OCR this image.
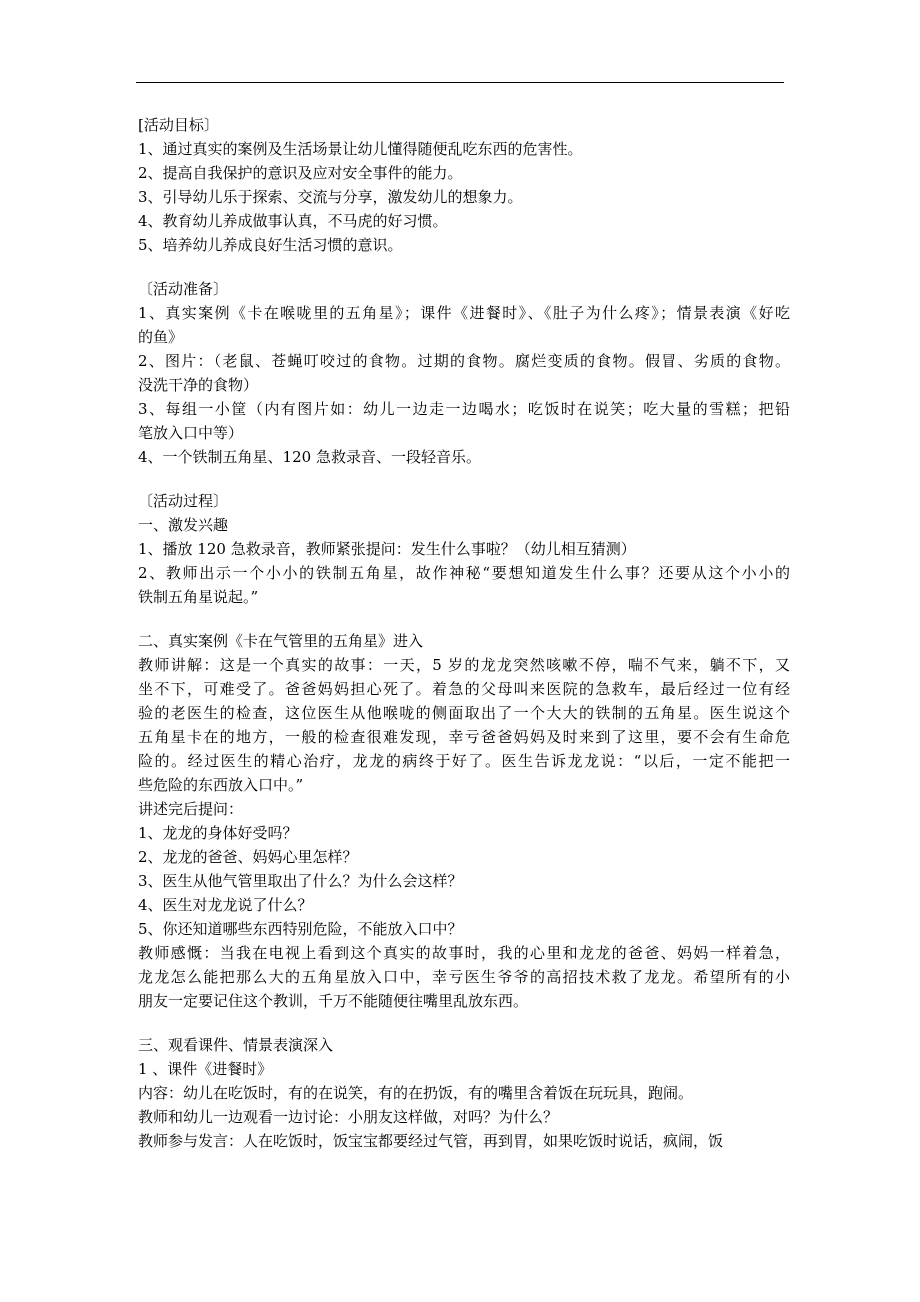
[活动目标〕
1、通过真实的案例及生活场景让幼儿懂得随便乱吃东西的危害性。
2、提高自我保护的意识及应对安全事件的能力。
3、引导幼儿乐于探索、交流与分享，激发幼儿的想象力。
4、教育幼儿养成做事认真，不马虎的好习惯。
5、培养幼儿养成良好生活习惯的意识。
〔活动准备〕
1、真实案例《卡在喉咙里的五角星》；课件《进餐时》、《肚子为什么疼》；情景表演《好吃
的鱼》
2、图片：（老鼠、苍蝇叮咬过的食物。过期的食物。腐烂变质的食物。假冒、劣质的食物。
没洗干净的食物）
3、每组一小筐（内有图片如：幼儿一边走一边喝水；吃饭时在说笑；吃大量的雪糕；把铅
笔放入口中等）
4、一个铁制五角星、120 急救录音、一段轻音乐。
〔活动过程〕
一、激发兴趣
1、播放 120 急救录音，教师紧张提问：发生什么事啦？（幼儿相互猜测）
2、教师出示一个小小的铁制五角星，故作神秘“要想知道发生什么事？还要从这个小小的
铁制五角星说起。”
二、真实案例《卡在气管里的五角星》进入
教师讲解：这是一个真实的故事：一天，5 岁的龙龙突然咳嗽不停，喘不气来，躺不下，又
坐不下，可难受了。爸爸妈妈担心死了。着急的父母叫来医院的急救车，最后经过一位有经
验的老医生的检查，这位医生从他喉咙的侧面取出了一个大大的铁制的五角星。医生说这个
五角星卡在的地方，一般的检查很难发现，幸亏爸爸妈妈及时来到了这里，要不会有生命危
险的。经过医生的精心治疗，龙龙的病终于好了。医生告诉龙龙说：“以后，一定不能把一
些危险的东西放入口中。”
讲述完后提问：
1、龙龙的身体好受吗？
2、龙龙的爸爸、妈妈心里怎样？
3、医生从他气管里取出了什么？为什么会这样？
4、医生对龙龙说了什么？
5、你还知道哪些东西特别危险，不能放入口中？
教师感慨：当我在电视上看到这个真实的故事时，我的心里和龙龙的爸爸、妈妈一样着急，
龙龙怎么能把那么大的五角星放入口中，幸亏医生爷爷的高招技术救了龙龙。希望所有的小
朋友一定要记住这个教训，千万不能随便往嘴里乱放东西。
三、观看课件、情景表演深入
1 、课件《进餐时》
内容：幼儿在吃饭时，有的在说笑，有的在扔饭，有的嘴里含着饭在玩玩具，跑闹。
教师和幼儿一边观看一边讨论：小朋友这样做，对吗？为什么？
教师参与发言：人在吃饭时，饭宝宝都要经过气管，再到胃，如果吃饭时说话，疯闹，饭
